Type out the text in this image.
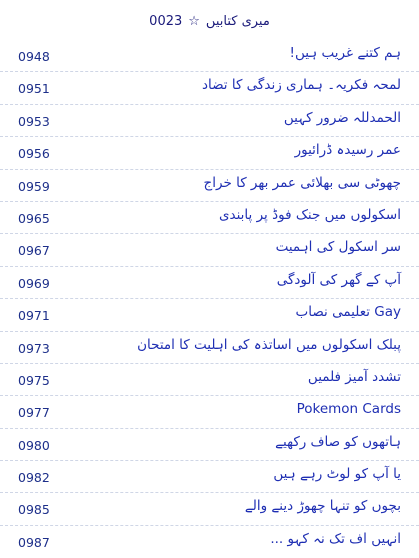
0023 ☆ میری کتابیں
0948	ہم کتنے غریب ہیں!
0951	لمحہ فکریہ۔ ہماری زندگی کا تضاد
0953	الحمدللہ ضرور کہیں
0956	عمر رسیدہ ڈرائیور
0959	چھوٹی سی بھلائی عمر بھر کا خراج
0965	اسکولوں میں جنک فوڈ پر پابندی
0967	سر اسکول کی اہمیت
0969	آپ کے گھر کی آلودگی
0971	Gay تعلیمی نصاب
0973	پبلک اسکولوں میں اساتذہ کی اہلیت کا امتحان
0975	تشدد آمیز فلمیں
0977	Pokemon Cards
0980	ہاتھوں کو صاف رکھیے
0982	یا آپ کو لوٹ رہے ہیں
0985	بچوں کو تنہا چھوڑ دینے والے
0987	انہیں اف تک نہ کہو ...
